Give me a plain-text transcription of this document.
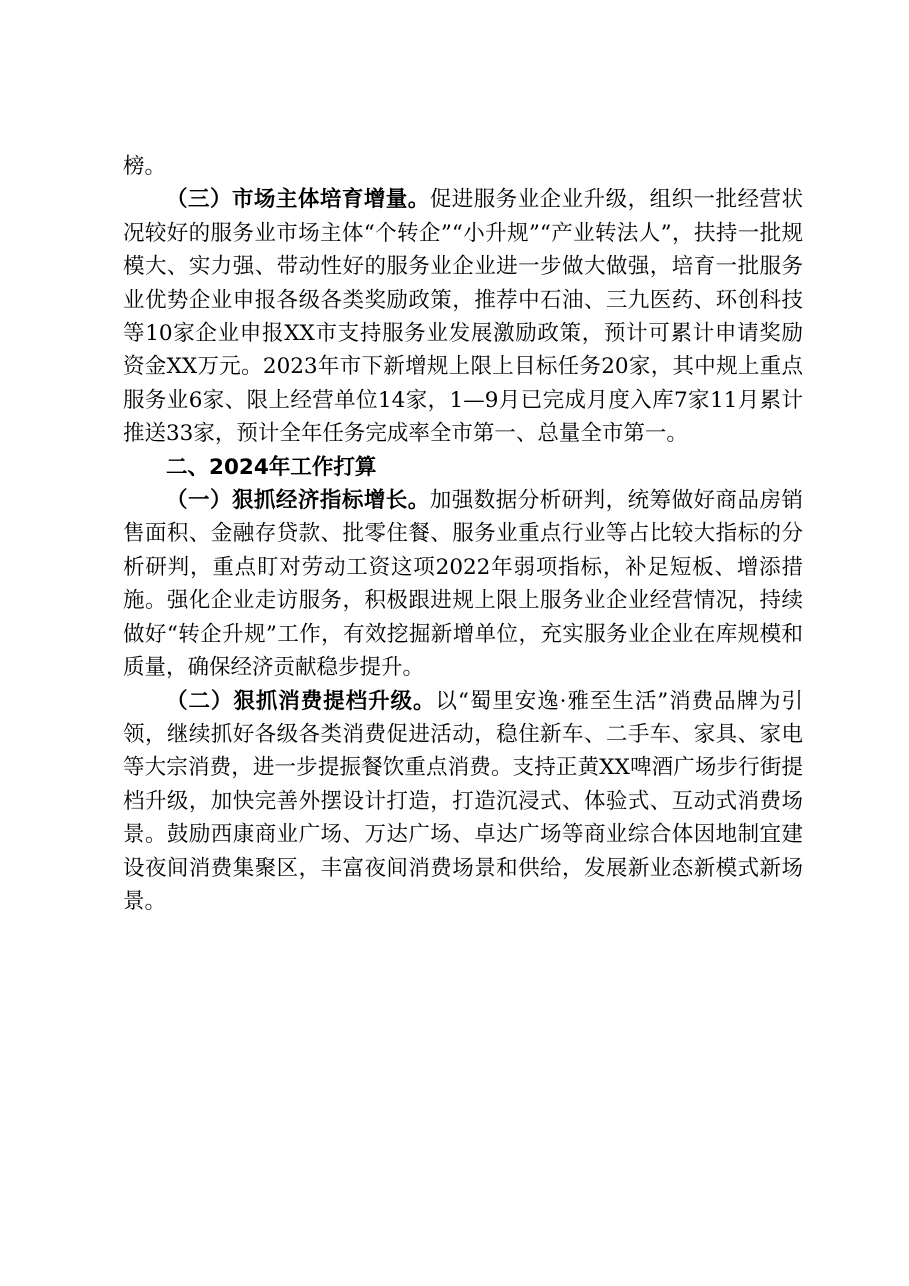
榜。

（三）市场主体培育增量。促进服务业企业升级，组织一批经营状况较好的服务业市场主体“个转企”“小升规”“产业转法人”，扶持一批规模大、实力强、带动性好的服务业企业进一步做大做强，培育一批服务业优势企业申报各级各类奖励政策，推荐中石油、三九医药、环创科技等10家企业申报XX市支持服务业发展激励政策，预计可累计申请奖励资金XX万元。2023年市下新增规上限上目标任务20家，其中规上重点服务业6家、限上经营单位14家，1—9月已完成月度入库7家11月累计推送33家，预计全年任务完成率全市第一、总量全市第一。

二、2024年工作打算

（一）狠抓经济指标增长。加强数据分析研判，统筹做好商品房销售面积、金融存贷款、批零住餐、服务业重点行业等占比较大指标的分析研判，重点盯对劳动工资这项2022年弱项指标，补足短板、增添措施。强化企业走访服务，积极跟进规上限上服务业企业经营情况，持续做好“转企升规”工作，有效挖掘新增单位，充实服务业企业在库规模和质量，确保经济贡献稳步提升。

（二）狠抓消费提档升级。以“蜀里安逸·雅至生活”消费品牌为引领，继续抓好各级各类消费促进活动，稳住新车、二手车、家具、家电等大宗消费，进一步提振餐饮重点消费。支持正黄XX啤酒广场步行街提档升级，加快完善外摆设计打造，打造沉浸式、体验式、互动式消费场景。鼓励西康商业广场、万达广场、卓达广场等商业综合体因地制宜建设夜间消费集聚区，丰富夜间消费场景和供给，发展新业态新模式新场景。
